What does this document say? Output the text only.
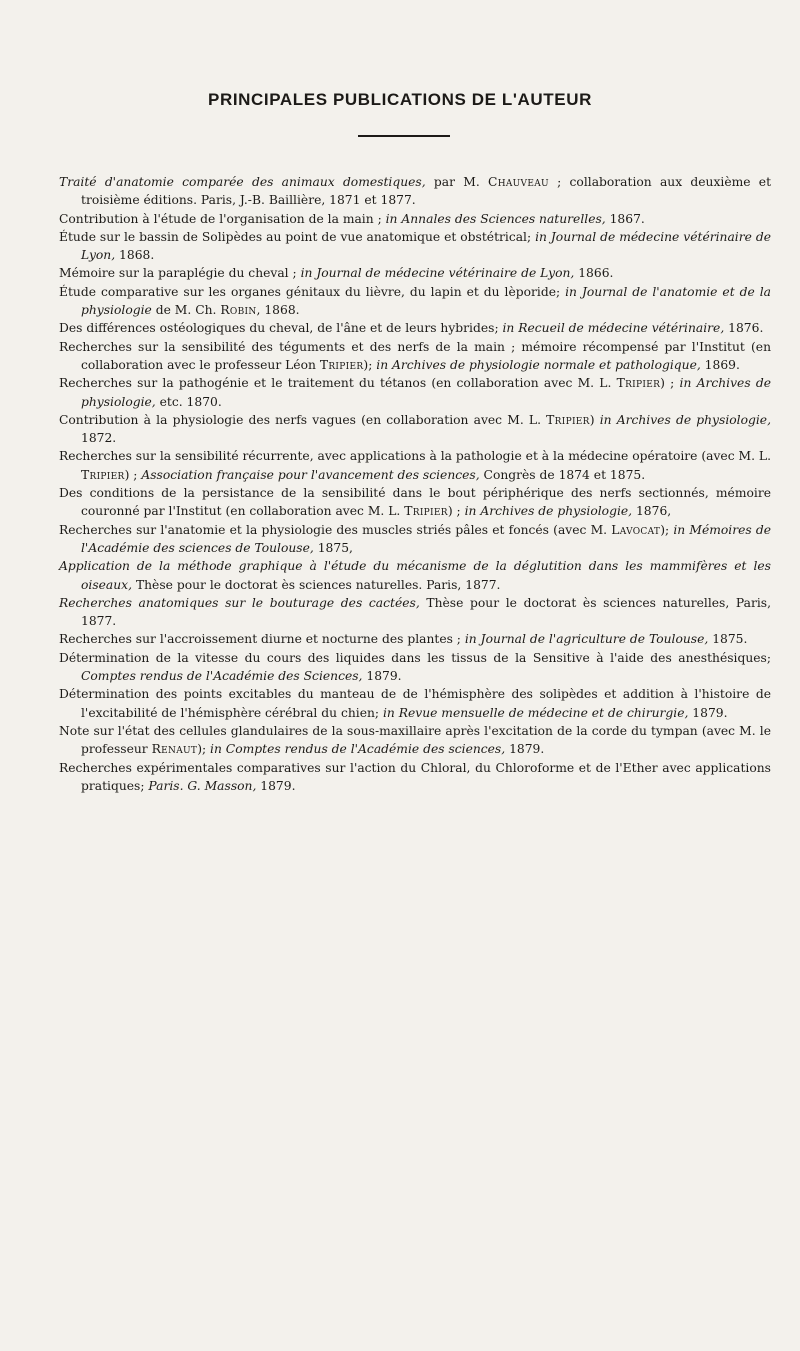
PRINCIPALES PUBLICATIONS DE L'AUTEUR

Traité d'anatomie comparée des animaux domestiques, par M. Chauveau ; collaboration aux deuxième et troisième éditions. Paris, J.-B. Baillière, 1871 et 1877.

Contribution à l'étude de l'organisation de la main ; in Annales des Sciences naturelles, 1867.

Étude sur le bassin de Solipèdes au point de vue anatomique et obstétrical; in Journal de médecine vétérinaire de Lyon, 1868.

Mémoire sur la paraplégie du cheval ; in Journal de médecine vétérinaire de Lyon, 1866.

Étude comparative sur les organes génitaux du lièvre, du lapin et du lèporide; in Journal de l'anatomie et de la physiologie de M. Ch. Robin, 1868.

Des différences ostéologiques du cheval, de l'âne et de leurs hybrides; in Recueil de médecine vétérinaire, 1876.

Recherches sur la sensibilité des téguments et des nerfs de la main ; mémoire récompensé par l'Institut (en collaboration avec le professeur Léon Tripier); in Archives de physiologie normale et pathologique, 1869.

Recherches sur la pathogénie et le traitement du tétanos (en collaboration avec M. L. Tripier) ; in Archives de physiologie, etc. 1870.

Contribution à la physiologie des nerfs vagues (en collaboration avec M. L. Tripier) in Archives de physiologie, 1872.

Recherches sur la sensibilité récurrente, avec applications à la pathologie et à la médecine opératoire (avec M. L. Tripier) ; Association française pour l'avancement des sciences, Congrès de 1874 et 1875.

Des conditions de la persistance de la sensibilité dans le bout périphérique des nerfs sectionnés, mémoire couronné par l'Institut (en collaboration avec M. L. Tripier) ; in Archives de physiologie, 1876,

Recherches sur l'anatomie et la physiologie des muscles striés pâles et foncés (avec M. Lavocat); in Mémoires de l'Académie des sciences de Toulouse, 1875,

Application de la méthode graphique à l'étude du mécanisme de la déglutition dans les mammifères et les oiseaux, Thèse pour le doctorat ès sciences naturelles. Paris, 1877.

Recherches anatomiques sur le bouturage des cactées, Thèse pour le doctorat ès sciences naturelles, Paris, 1877.

Recherches sur l'accroissement diurne et nocturne des plantes ; in Journal de l'agriculture de Toulouse, 1875.

Détermination de la vitesse du cours des liquides dans les tissus de la Sensitive à l'aide des anesthésiques; Comptes rendus de l'Académie des Sciences, 1879.

Détermination des points excitables du manteau de de l'hémisphère des solipèdes et addition à l'histoire de l'excitabilité de l'hémisphère cérébral du chien; in Revue mensuelle de médecine et de chirurgie, 1879.

Note sur l'état des cellules glandulaires de la sous-maxillaire après l'excitation de la corde du tympan (avec M. le professeur Renaut); in Comptes rendus de l'Académie des sciences, 1879.

Recherches expérimentales comparatives sur l'action du Chloral, du Chloroforme et de l'Ether avec applications pratiques; Paris. G. Masson, 1879.
